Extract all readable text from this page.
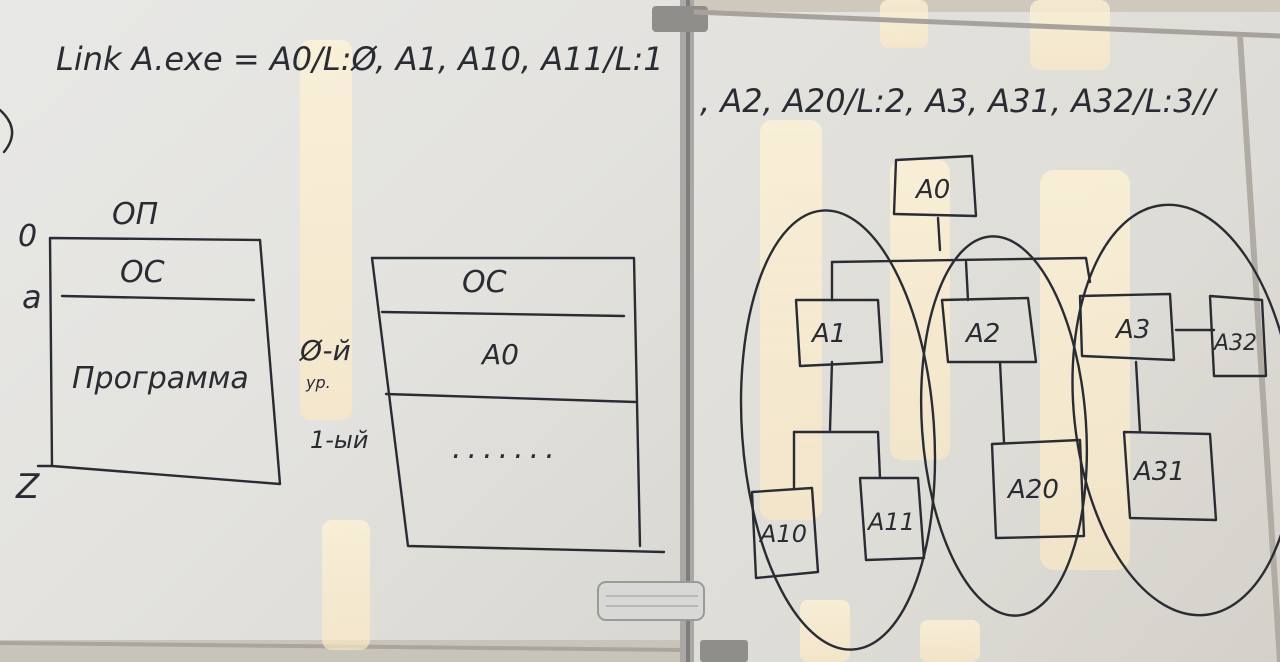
Link A.exe = A0/L:Ø, A1, A10, A11/L:1
, A2, A20/L:2, A3, A31, A32/L:3//
ОП
0
a
Z
ОС
Программа
ОС
A0
Ø-й
ур.
1-ый	.......
A0
A1	A2	A3	A32
A10	A11
A20
A31
